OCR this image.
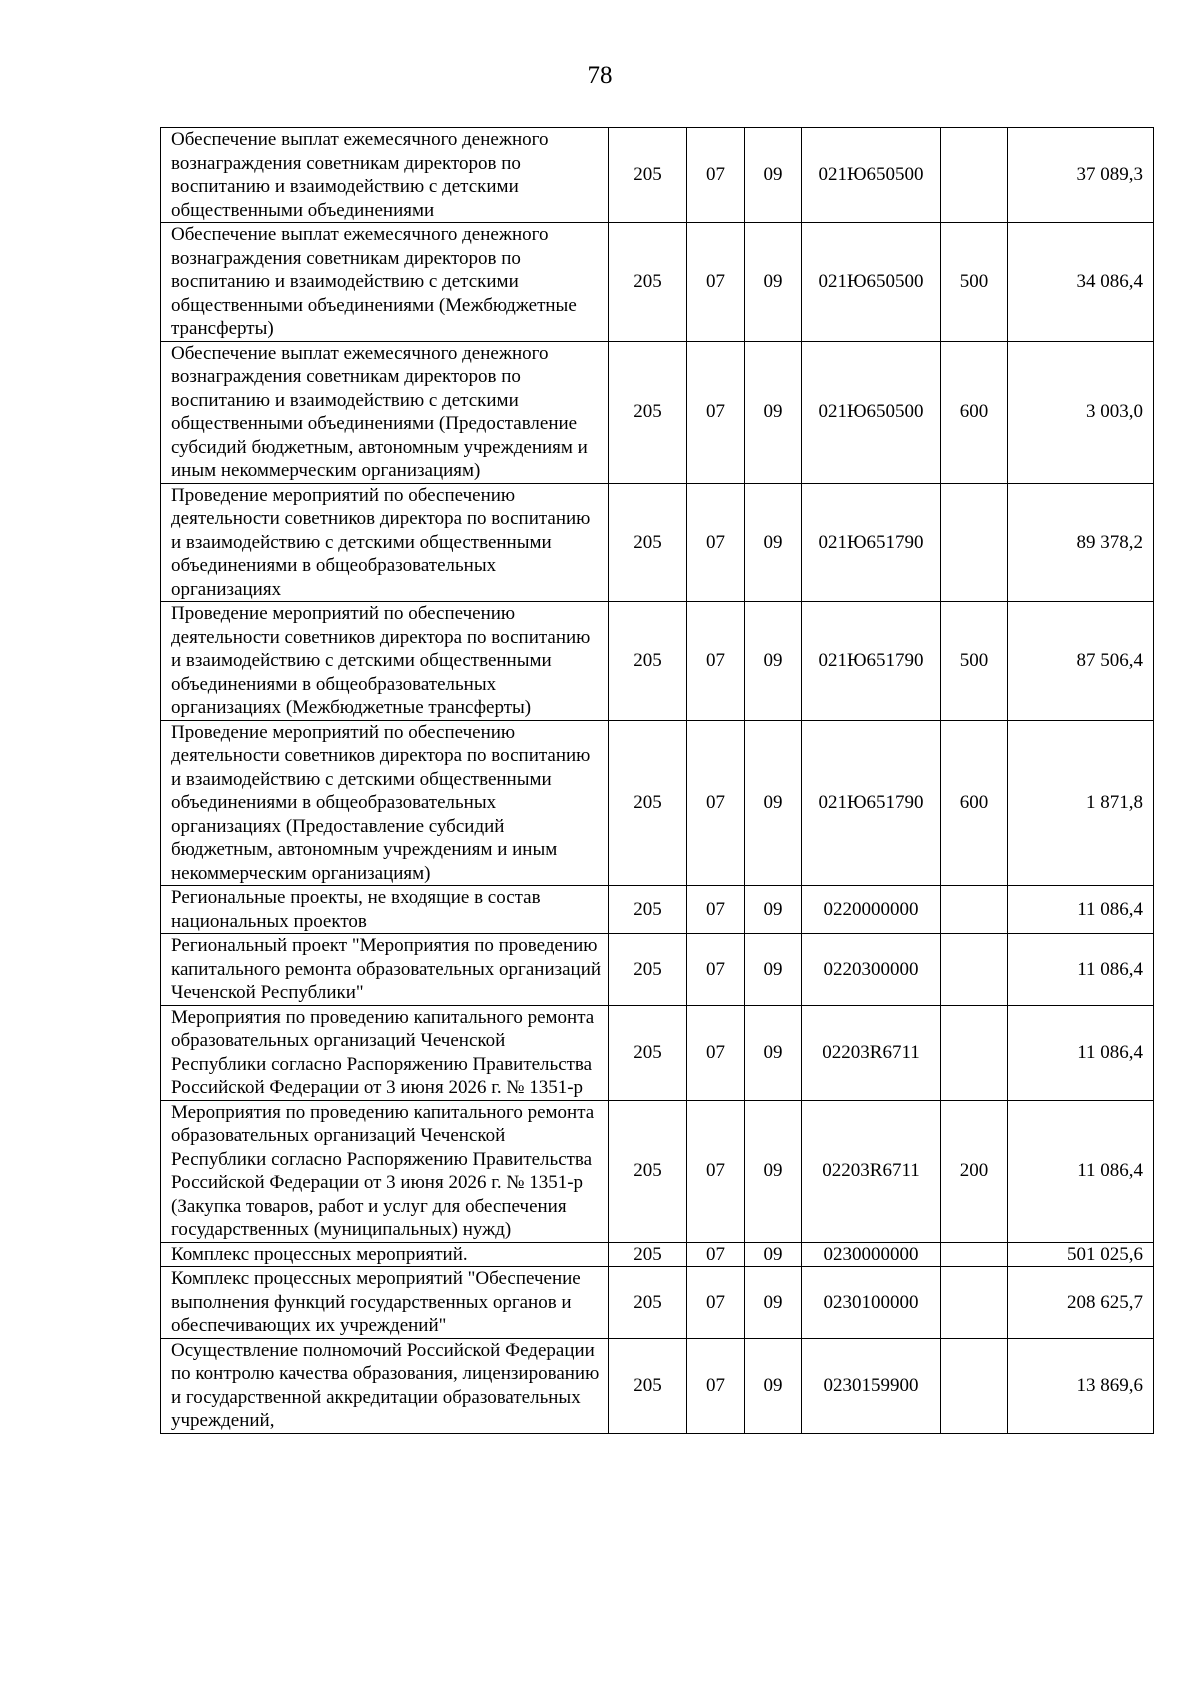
78
Обеспечение выплат ежемесячного денежного вознаграждения советникам директоров по воспитанию и взаимодействию с детскими общественными объединениями	205	07	09	021Ю650500		37 089,3
Обеспечение выплат ежемесячного денежного вознаграждения советникам директоров по воспитанию и взаимодействию с детскими общественными объединениями (Межбюджетные трансферты)	205	07	09	021Ю650500	500	34 086,4
Обеспечение выплат ежемесячного денежного вознаграждения советникам директоров по воспитанию и взаимодействию с детскими общественными объединениями (Предоставление субсидий бюджетным, автономным учреждениям и иным некоммерческим организациям)	205	07	09	021Ю650500	600	3 003,0
Проведение мероприятий по обеспечению деятельности советников директора по воспитанию и взаимодействию с детскими общественными объединениями в общеобразовательных организациях	205	07	09	021Ю651790		89 378,2
Проведение мероприятий по обеспечению деятельности советников директора по воспитанию и взаимодействию с детскими общественными объединениями в общеобразовательных организациях (Межбюджетные трансферты)	205	07	09	021Ю651790	500	87 506,4
Проведение мероприятий по обеспечению деятельности советников директора по воспитанию и взаимодействию с детскими общественными объединениями в общеобразовательных организациях (Предоставление субсидий бюджетным, автономным учреждениям и иным некоммерческим организациям)	205	07	09	021Ю651790	600	1 871,8
Региональные проекты, не входящие в состав национальных проектов	205	07	09	0220000000		11 086,4
Региональный проект "Мероприятия по проведению капитального ремонта образовательных организаций Чеченской Республики"	205	07	09	0220300000		11 086,4
Мероприятия по проведению капитального ремонта образовательных организаций Чеченской Республики согласно Распоряжению Правительства Российской Федерации от 3 июня 2026 г. № 1351-р	205	07	09	02203R6711		11 086,4
Мероприятия по проведению капитального ремонта образовательных организаций Чеченской Республики согласно Распоряжению Правительства Российской Федерации от 3 июня 2026 г. № 1351-р (Закупка товаров, работ и услуг для обеспечения государственных (муниципальных) нужд)	205	07	09	02203R6711	200	11 086,4
Комплекс процессных мероприятий.	205	07	09	0230000000		501 025,6
Комплекс процессных мероприятий "Обеспечение выполнения функций государственных органов и обеспечивающих их учреждений"	205	07	09	0230100000		208 625,7
Осуществление полномочий Российской Федерации по контролю качества образования, лицензированию и государственной аккредитации образовательных учреждений,	205	07	09	0230159900		13 869,6
